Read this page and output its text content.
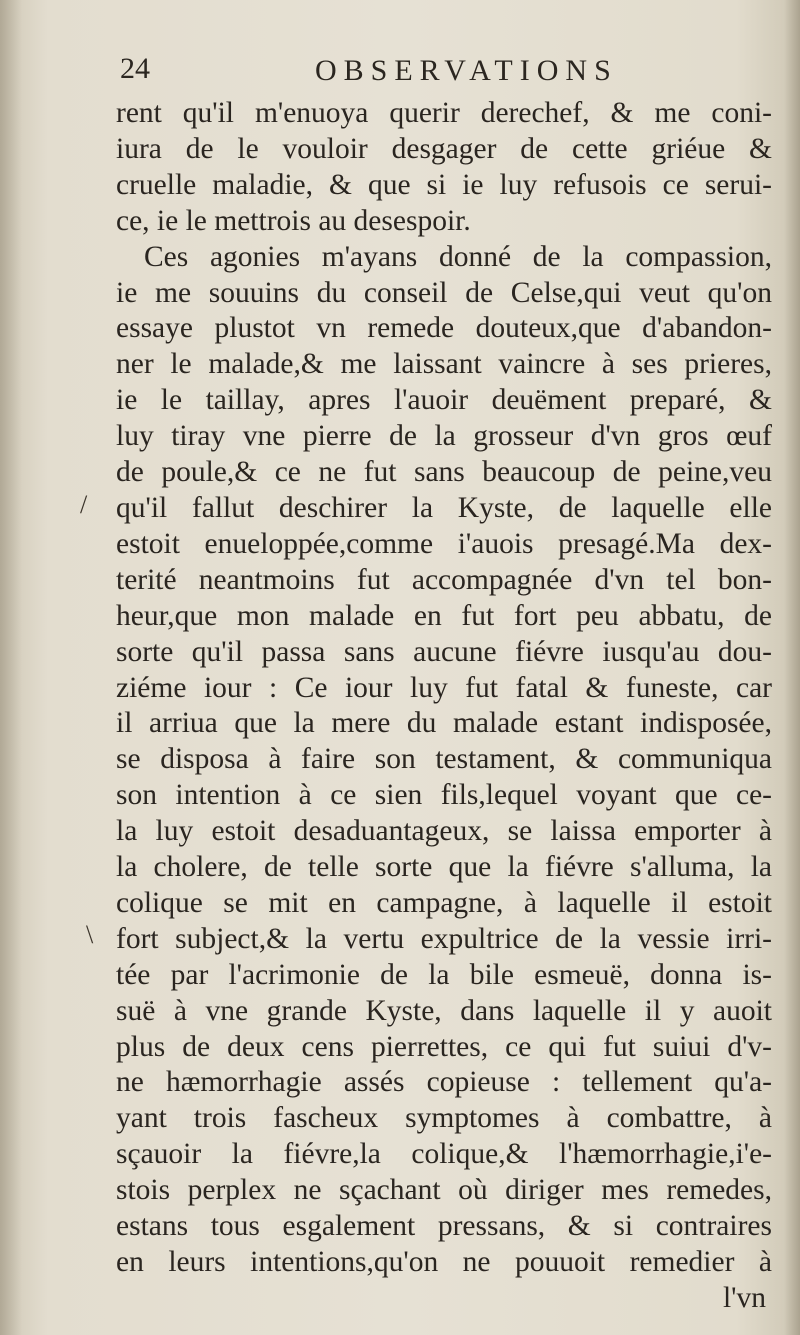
24	OBSERVATIONS
rent qu'il m'enuoya querir derechef, & me coni-
iura de le vouloir desgager de cette griéue &
cruelle maladie, & que si ie luy refusois ce serui-
ce, ie le mettrois au desespoir.
Ces agonies m'ayans donné de la compassion,
ie me souuins du conseil de Celse,qui veut qu'on
essaye plustot vn remede douteux,que d'abandon-
ner le malade,& me laissant vaincre à ses prieres,
ie le taillay, apres l'auoir deuëment preparé, &
luy tiray vne pierre de la grosseur d'vn gros œuf
de poule,& ce ne fut sans beaucoup de peine,veu
qu'il fallut deschirer la Kyste, de laquelle elle
estoit enueloppée,comme i'auois presagé.Ma dex-
terité neantmoins fut accompagnée d'vn tel bon-
heur,que mon malade en fut fort peu abbatu, de
sorte qu'il passa sans aucune fiévre iusqu'au dou-
ziéme iour : Ce iour luy fut fatal & funeste, car
il arriua que la mere du malade estant indisposée,
se disposa à faire son testament, & communiqua
son intention à ce sien fils,lequel voyant que ce-
la luy estoit desaduantageux, se laissa emporter à
la cholere, de telle sorte que la fiévre s'alluma, la
colique se mit en campagne, à laquelle il estoit
fort subject,& la vertu expultrice de la vessie irri-
tée par l'acrimonie de la bile esmeuë, donna is-
suë à vne grande Kyste, dans laquelle il y auoit
plus de deux cens pierrettes, ce qui fut suiui d'v-
ne hæmorrhagie assés copieuse : tellement qu'a-
yant trois fascheux symptomes à combattre, à
sçauoir la fiévre,la colique,& l'hæmorrhagie,i'e-
stois perplex ne sçachant où diriger mes remedes,
estans tous esgalement pressans, & si contraires
en leurs intentions,qu'on ne pouuoit remedier à
l'vn
/
\
